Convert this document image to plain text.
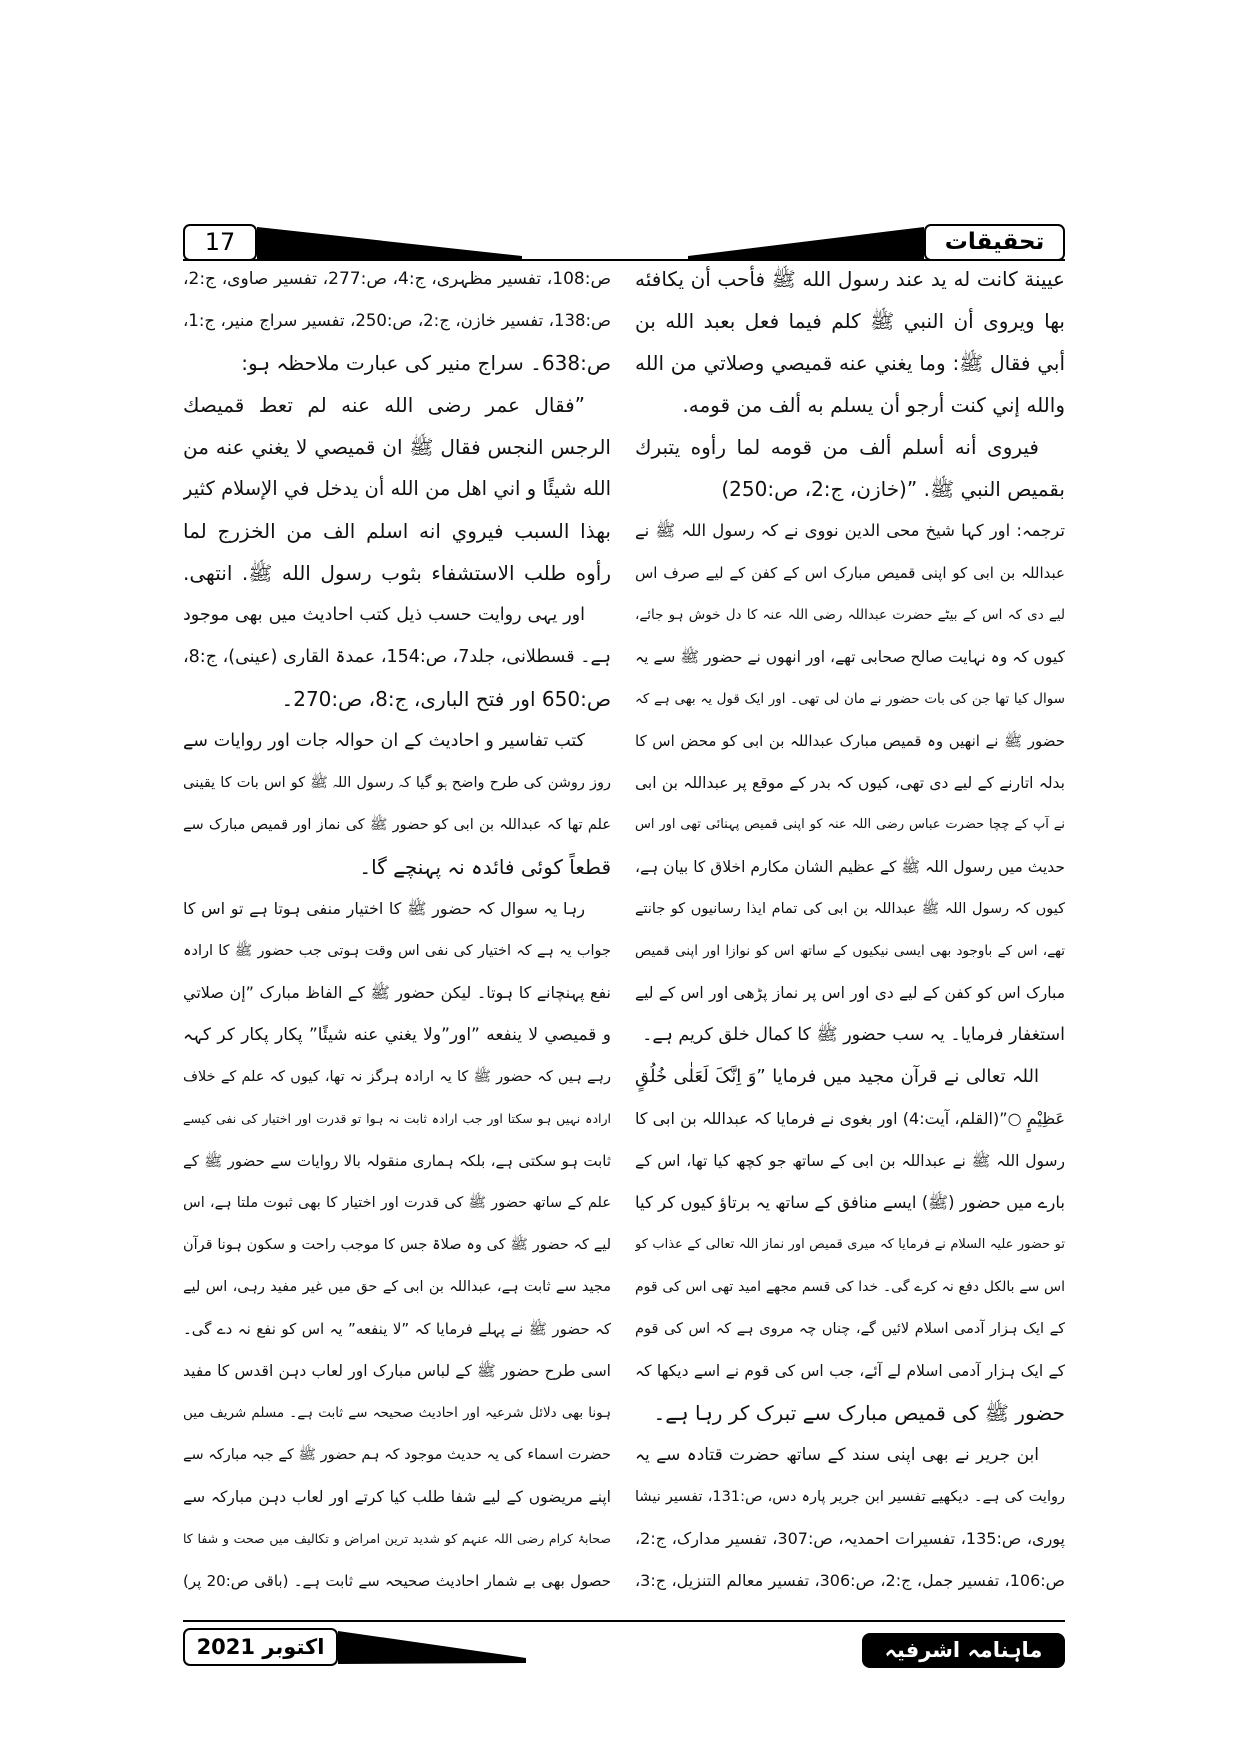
17	تحقیقات
عيينة كانت له يد عند رسول الله ﷺ فأحب أن يكافئه
بها ويروى أن النبي ﷺ كلم فيما فعل بعبد الله بن
أبي فقال ﷺ: وما يغني عنه قميصي وصلاتي من الله
والله إني كنت أرجو أن يسلم به ألف من قومه.
فيروى أنه أسلم ألف من قومه لما رأوه يتبرك
بقميص النبي ﷺ. ”(خازن، ج:2، ص:250)
ترجمہ: اور کہا شیخ محی الدین نووی نے کہ رسول اللہ ﷺ نے
عبداللہ بن ابی کو اپنی قمیص مبارک اس کے کفن کے لیے صرف اس
لیے دی کہ اس کے بیٹے حضرت عبداللہ رضی اللہ عنہ کا دل خوش ہو جائے،
کیوں کہ وہ نہایت صالح صحابی تھے، اور انھوں نے حضور ﷺ سے یہ
سوال کیا تھا جن کی بات حضور نے مان لی تھی۔ اور ایک قول یہ بھی ہے کہ
حضور ﷺ نے انھیں وہ قمیص مبارک عبداللہ بن ابی کو محض اس کا
بدلہ اتارنے کے لیے دی تھی، کیوں کہ بدر کے موقع پر عبداللہ بن ابی
نے آپ کے چچا حضرت عباس رضی اللہ عنہ کو اپنی قمیص پہنائی تھی اور اس
حدیث میں رسول اللہ ﷺ کے عظیم الشان مکارم اخلاق کا بیان ہے،
کیوں کہ رسول اللہ ﷺ عبداللہ بن ابی کی تمام ایذا رسانیوں کو جانتے
تھے، اس کے باوجود بھی ایسی نیکیوں کے ساتھ اس کو نوازا اور اپنی قمیص
مبارک اس کو کفن کے لیے دی اور اس پر نماز پڑھی اور اس کے لیے
استغفار فرمایا۔ یہ سب حضور ﷺ کا کمال خلق کریم ہے۔
اللہ تعالی نے قرآن مجید میں فرمایا ”وَ اِنَّکَ لَعَلٰی خُلُقٍ
عَظِیْمٍ ○”(القلم، آیت:4) اور بغوی نے فرمایا کہ عبداللہ بن ابی کا
رسول اللہ ﷺ نے عبداللہ بن ابی کے ساتھ جو کچھ کیا تھا، اس کے
بارے میں حضور (ﷺ) ایسے منافق کے ساتھ یہ برتاؤ کیوں کر کیا
تو حضور علیہ السلام نے فرمایا کہ میری قمیص اور نماز اللہ تعالی کے عذاب کو
اس سے بالکل دفع نہ کرے گی۔ خدا کی قسم مجھے امید تھی اس کی قوم
کے ایک ہزار آدمی اسلام لائیں گے، چناں چہ مروی ہے کہ اس کی قوم
کے ایک ہزار آدمی اسلام لے آئے، جب اس کی قوم نے اسے دیکھا کہ
حضور ﷺ کی قمیص مبارک سے تبرک کر رہا ہے۔
ابن جریر نے بھی اپنی سند کے ساتھ حضرت قتادہ سے یہ
روایت کی ہے۔ دیکھیے تفسیر ابن جریر پارہ دس، ص:131، تفسیر نیشا
پوری، ص:135، تفسیرات احمدیہ، ص:307، تفسیر مدارک، ج:2،
ص:106، تفسیر جمل، ج:2، ص:306، تفسیر معالم التنزیل، ج:3،
ص:108، تفسیر مظہری، ج:4، ص:277، تفسیر صاوی، ج:2،
ص:138، تفسیر خازن، ج:2، ص:250، تفسیر سراج منیر، ج:1،
ص:638۔ سراج منیر کی عبارت ملاحظہ ہو:
”فقال عمر رضى الله عنه لم تعط قميصك
الرجس النجس فقال ﷺ ان قميصي لا يغني عنه من
الله شيئًا و اني اهل من الله أن يدخل في الإسلام كثير
بهذا السبب فيروي انه اسلم الف من الخزرج لما
رأوه طلب الاستشفاء بثوب رسول الله ﷺ. انتهى.
اور یہی روایت حسب ذیل کتب احادیث میں بھی موجود
ہے۔ قسطلانی، جلد7، ص:154، عمدۃ القاری (عینی)، ج:8،
ص:650 اور فتح الباری، ج:8، ص:270۔
کتب تفاسیر و احادیث کے ان حوالہ جات اور روایات سے
روز روشن کی طرح واضح ہو گیا کہ رسول اللہ ﷺ کو اس بات کا یقینی
علم تھا کہ عبداللہ بن ابی کو حضور ﷺ کی نماز اور قمیص مبارک سے
قطعاً کوئی فائدہ نہ پہنچے گا۔
رہا یہ سوال کہ حضور ﷺ کا اختیار منفی ہوتا ہے تو اس کا
جواب یہ ہے کہ اختیار کی نفی اس وقت ہوتی جب حضور ﷺ کا ارادہ
نفع پہنچانے کا ہوتا۔ لیکن حضور ﷺ کے الفاظ مبارک ”إن صلاتي
و قميصي لا ينفعه ”اور”ولا يغني عنه شيئًا” پکار پکار کر کہہ
رہے ہیں کہ حضور ﷺ کا یہ ارادہ ہرگز نہ تھا، کیوں کہ علم کے خلاف
ارادہ نہیں ہو سکتا اور جب ارادہ ثابت نہ ہوا تو قدرت اور اختیار کی نفی کیسے
ثابت ہو سکتی ہے، بلکہ ہماری منقولہ بالا روایات سے حضور ﷺ کے
علم کے ساتھ حضور ﷺ کی قدرت اور اختیار کا بھی ثبوت ملتا ہے، اس
لیے کہ حضور ﷺ کی وہ صلاۃ جس کا موجب راحت و سکون ہونا قرآن
مجید سے ثابت ہے، عبداللہ بن ابی کے حق میں غیر مفید رہی، اس لیے
کہ حضور ﷺ نے پہلے فرمایا کہ ”لا ينفعه” یہ اس کو نفع نہ دے گی۔
اسی طرح حضور ﷺ کے لباس مبارک اور لعاب دہن اقدس کا مفید
ہونا بھی دلائل شرعیہ اور احادیث صحیحہ سے ثابت ہے۔ مسلم شریف میں
حضرت اسماء کی یہ حدیث موجود کہ ہم حضور ﷺ کے جبہ مبارکہ سے
اپنے مریضوں کے لیے شفا طلب کیا کرتے اور لعاب دہن مبارکہ سے
صحابۂ کرام رضی اللہ عنہم کو شدید ترین امراض و تکالیف میں صحت و شفا کا
حصول بھی بے شمار احادیث صحیحہ سے ثابت ہے۔ (باقی ص:20 پر)
اکتوبر 2021	ماہنامہ اشرفیہ
